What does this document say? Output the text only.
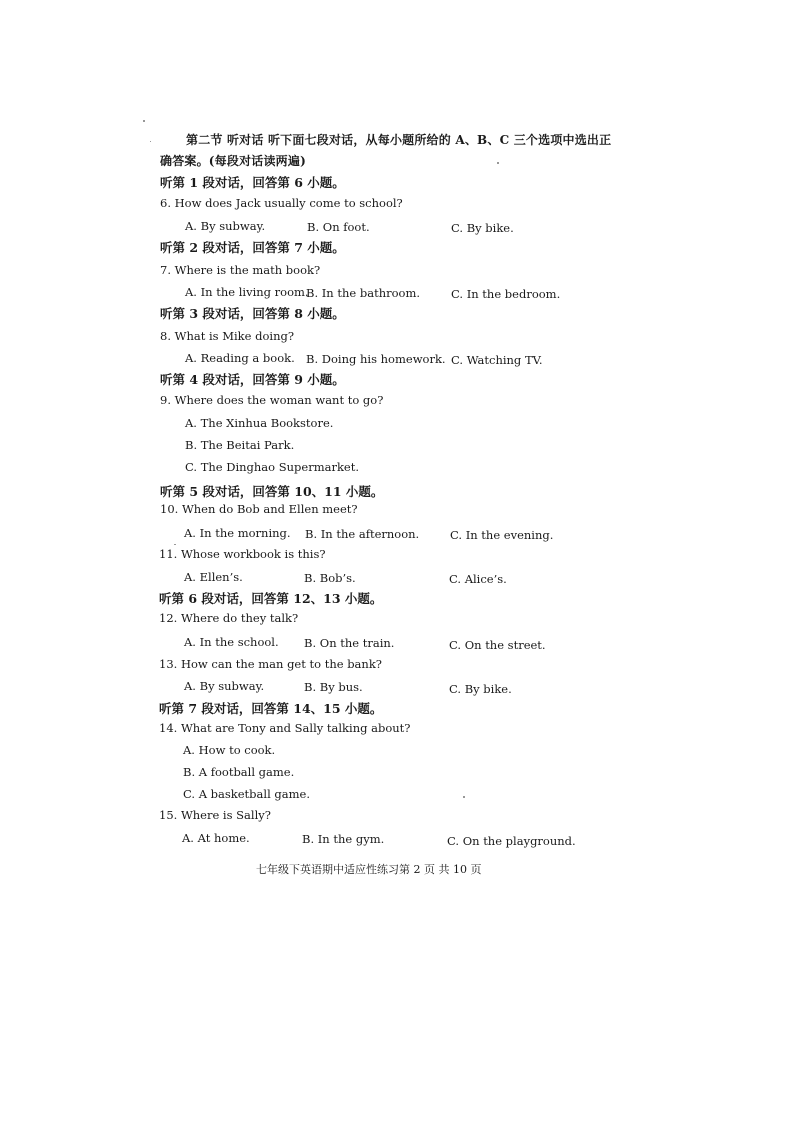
第二节 听对话 听下面七段对话，从每小题所给的 A、B、C 三个选项中选出正
确答案。(每段对话读两遍)
听第 1 段对话，回答第 6 小题。
6. How does Jack usually come to school?
A. By subway.	B. On foot.	C. By bike.
听第 2 段对话，回答第 7 小题。
7. Where is the math book?
A. In the living room.
B. In the bathroom.	C. In the bedroom.
听第 3 段对话，回答第 8 小题。
8. What is Mike doing?
A. Reading a book. B. Doing his homework. C. Watching TV.
听第 4 段对话，回答第 9 小题。
9. Where does the woman want to go?
A. The Xinhua Bookstore.
B. The Beitai Park.
C. The Dinghao Supermarket.
听第 5 段对话，回答第 10、11 小题。
10. When do Bob and Ellen meet?
A. In the morning. B. In the afternoon.	C. In the evening.
11. Whose workbook is this?
A. Ellen’s.	B. Bob’s.	C. Alice’s.
听第 6 段对话，回答第 12、13 小题。
12. Where do they talk?
A. In the school. B. On the train.	C. On the street.
13. How can the man get to the bank?
A. By subway.	B. By bus.	C. By bike.
听第 7 段对话，回答第 14、15 小题。
14. What are Tony and Sally talking about?
A. How to cook.
B. A football game.
C. A basketball game.
15. Where is Sally?
A. At home.	B. In the gym.	C. On the playground.
七年级下英语期中适应性练习第 2 页 共 10 页
